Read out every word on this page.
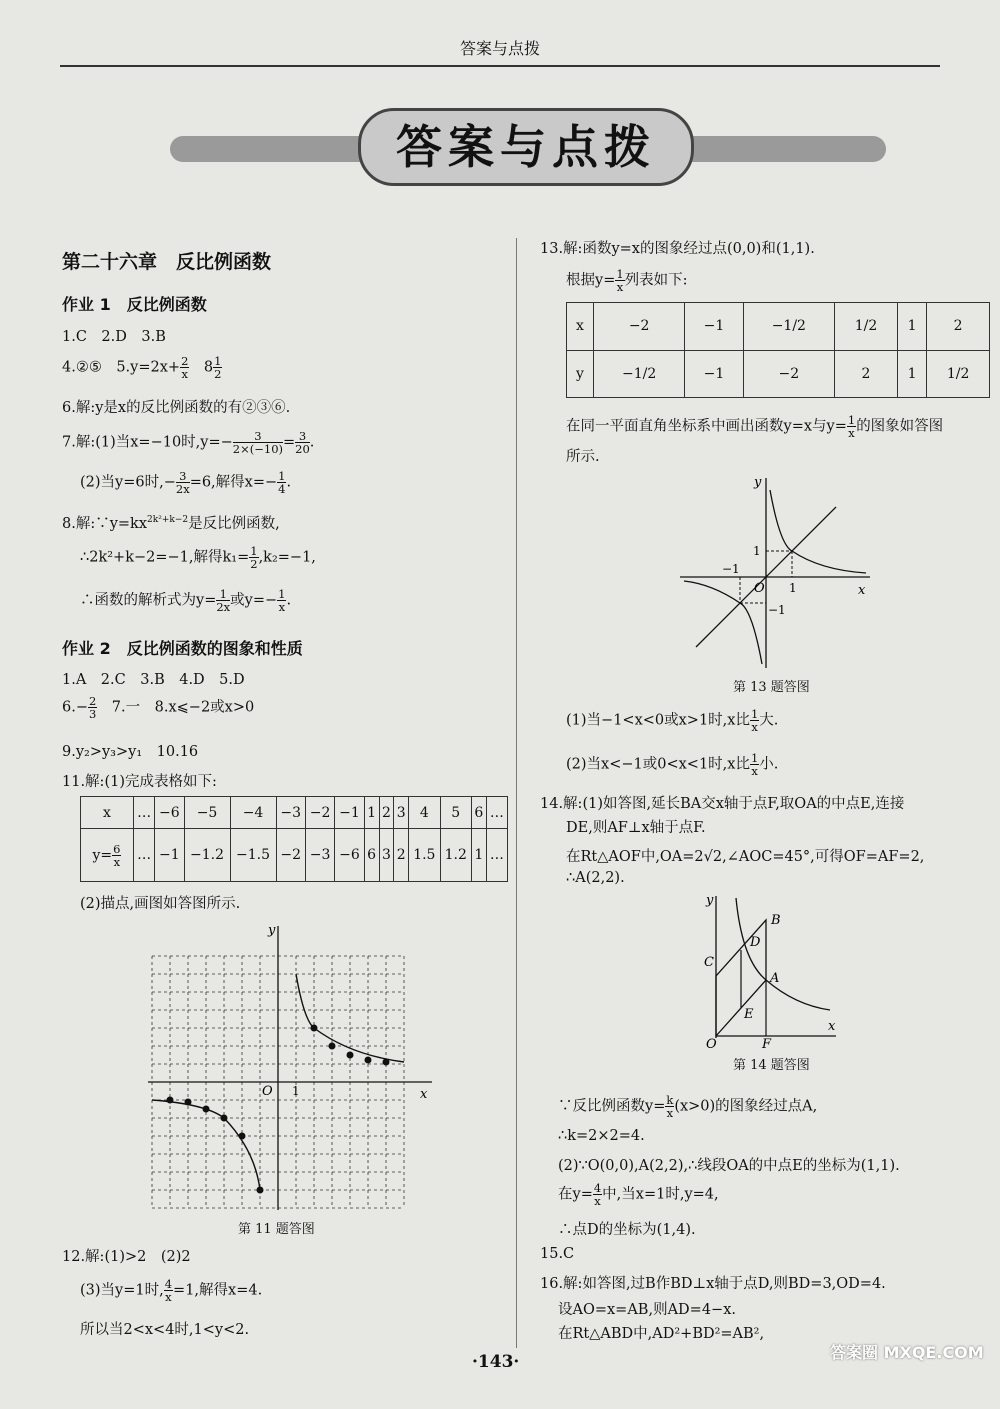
答案与点拨
答案与点拨
第二十六章　反比例函数
作业 1　反比例函数
1.C　2.D　3.B
4.②⑤　$5.y=2x+ \frac{2}{x}$ 　$8 \frac{1}{2}$
6.解:y是x的反比例函数的有②③⑥.
7.解:(1)当x=−10时$,y=- \frac{3}{2\times(-10)} = \frac{3}{20}$ .
(2)当y=6时,− $\frac{3}{2x} =6$,解得$x=- \frac{1}{4}$ .
8.解$:\because y=kx^{2k^2+k-2}$是反比例函数,
∴2k²+k−2=−1,解得$k_1= \frac{1}{2} ,k_2=-1$,
∴函数的解析式为$y= \frac{1}{2x}$ 或$y=- \frac{1}{x}$ .
作业 2　反比例函数的图象和性质
1.A　2.C　3.B　4.D　5.D
$6.- \frac{2}{3}$ 　7.一　8.x⩽−2或x>0
9.y₂>y₃>y₁　10.16
11.解:(1)完成表格如下:
x	…	−6	−5	−4	−3	−2	−1	1	2	3	4	5	6	…
$y= \frac{6}{x}$	…	−1	−1.2	−1.5	−2	−3	−6	6	3	2	1.5	1.2	1	…
(2)描点,画图如答图所示.
y
x
O 1
第 11 题答图
12.解:(1)>2　(2)2
(3)当y=1时, $\frac{4}{x} =1$,解得x=4.
所以当2<x<4时,1<y<2.
13.解:函数y=x的图象经过点(0,0)和(1,1).
根据$y= \frac{1}{x}$ 列表如下:
x	−2	−1	−1/2	1/2	1	2
y	−1/2	−1	−2	2	1	1/2
在同一平面直角坐标系中画出函数y=x与$y= \frac{1}{x}$ 的图象如答图
所示.
y
x
1
1
−1
−1
O
第 13 题答图
(1)当−1<x<0或x>1时,x比 $\frac{1}{x}$ 大.
(2)当x<−1或0<x<1时,x比 $\frac{1}{x}$ 小.
14.解:(1)如答图,延长BA交x轴于点F,取OA的中点E,连接
DE,则AF⊥x轴于点F.
在Rt△AOF中,OA=2√2,∠AOC=45°,可得OF=AF=2,
∴A(2,2).
y
x
O	F
B
D
C
A
E
第 14 题答图
∵反比例函数$y= \frac{k}{x} (x>0)$的图象经过点A,
∴k=2×2=4.
(2)∵O(0,0),A(2,2),∴线段OA的中点E的坐标为(1,1).
在$y= \frac{4}{x}$ 中,当x=1时,y=4,
∴点D的坐标为(1,4).
15.C
16.解:如答图,过B作BD⊥x轴于点D,则BD=3,OD=4.
设AO=x=AB,则AD=4−x.
在Rt△ABD中,AD²+BD²=AB²,
·143·	答案圈 MXQE.COM
